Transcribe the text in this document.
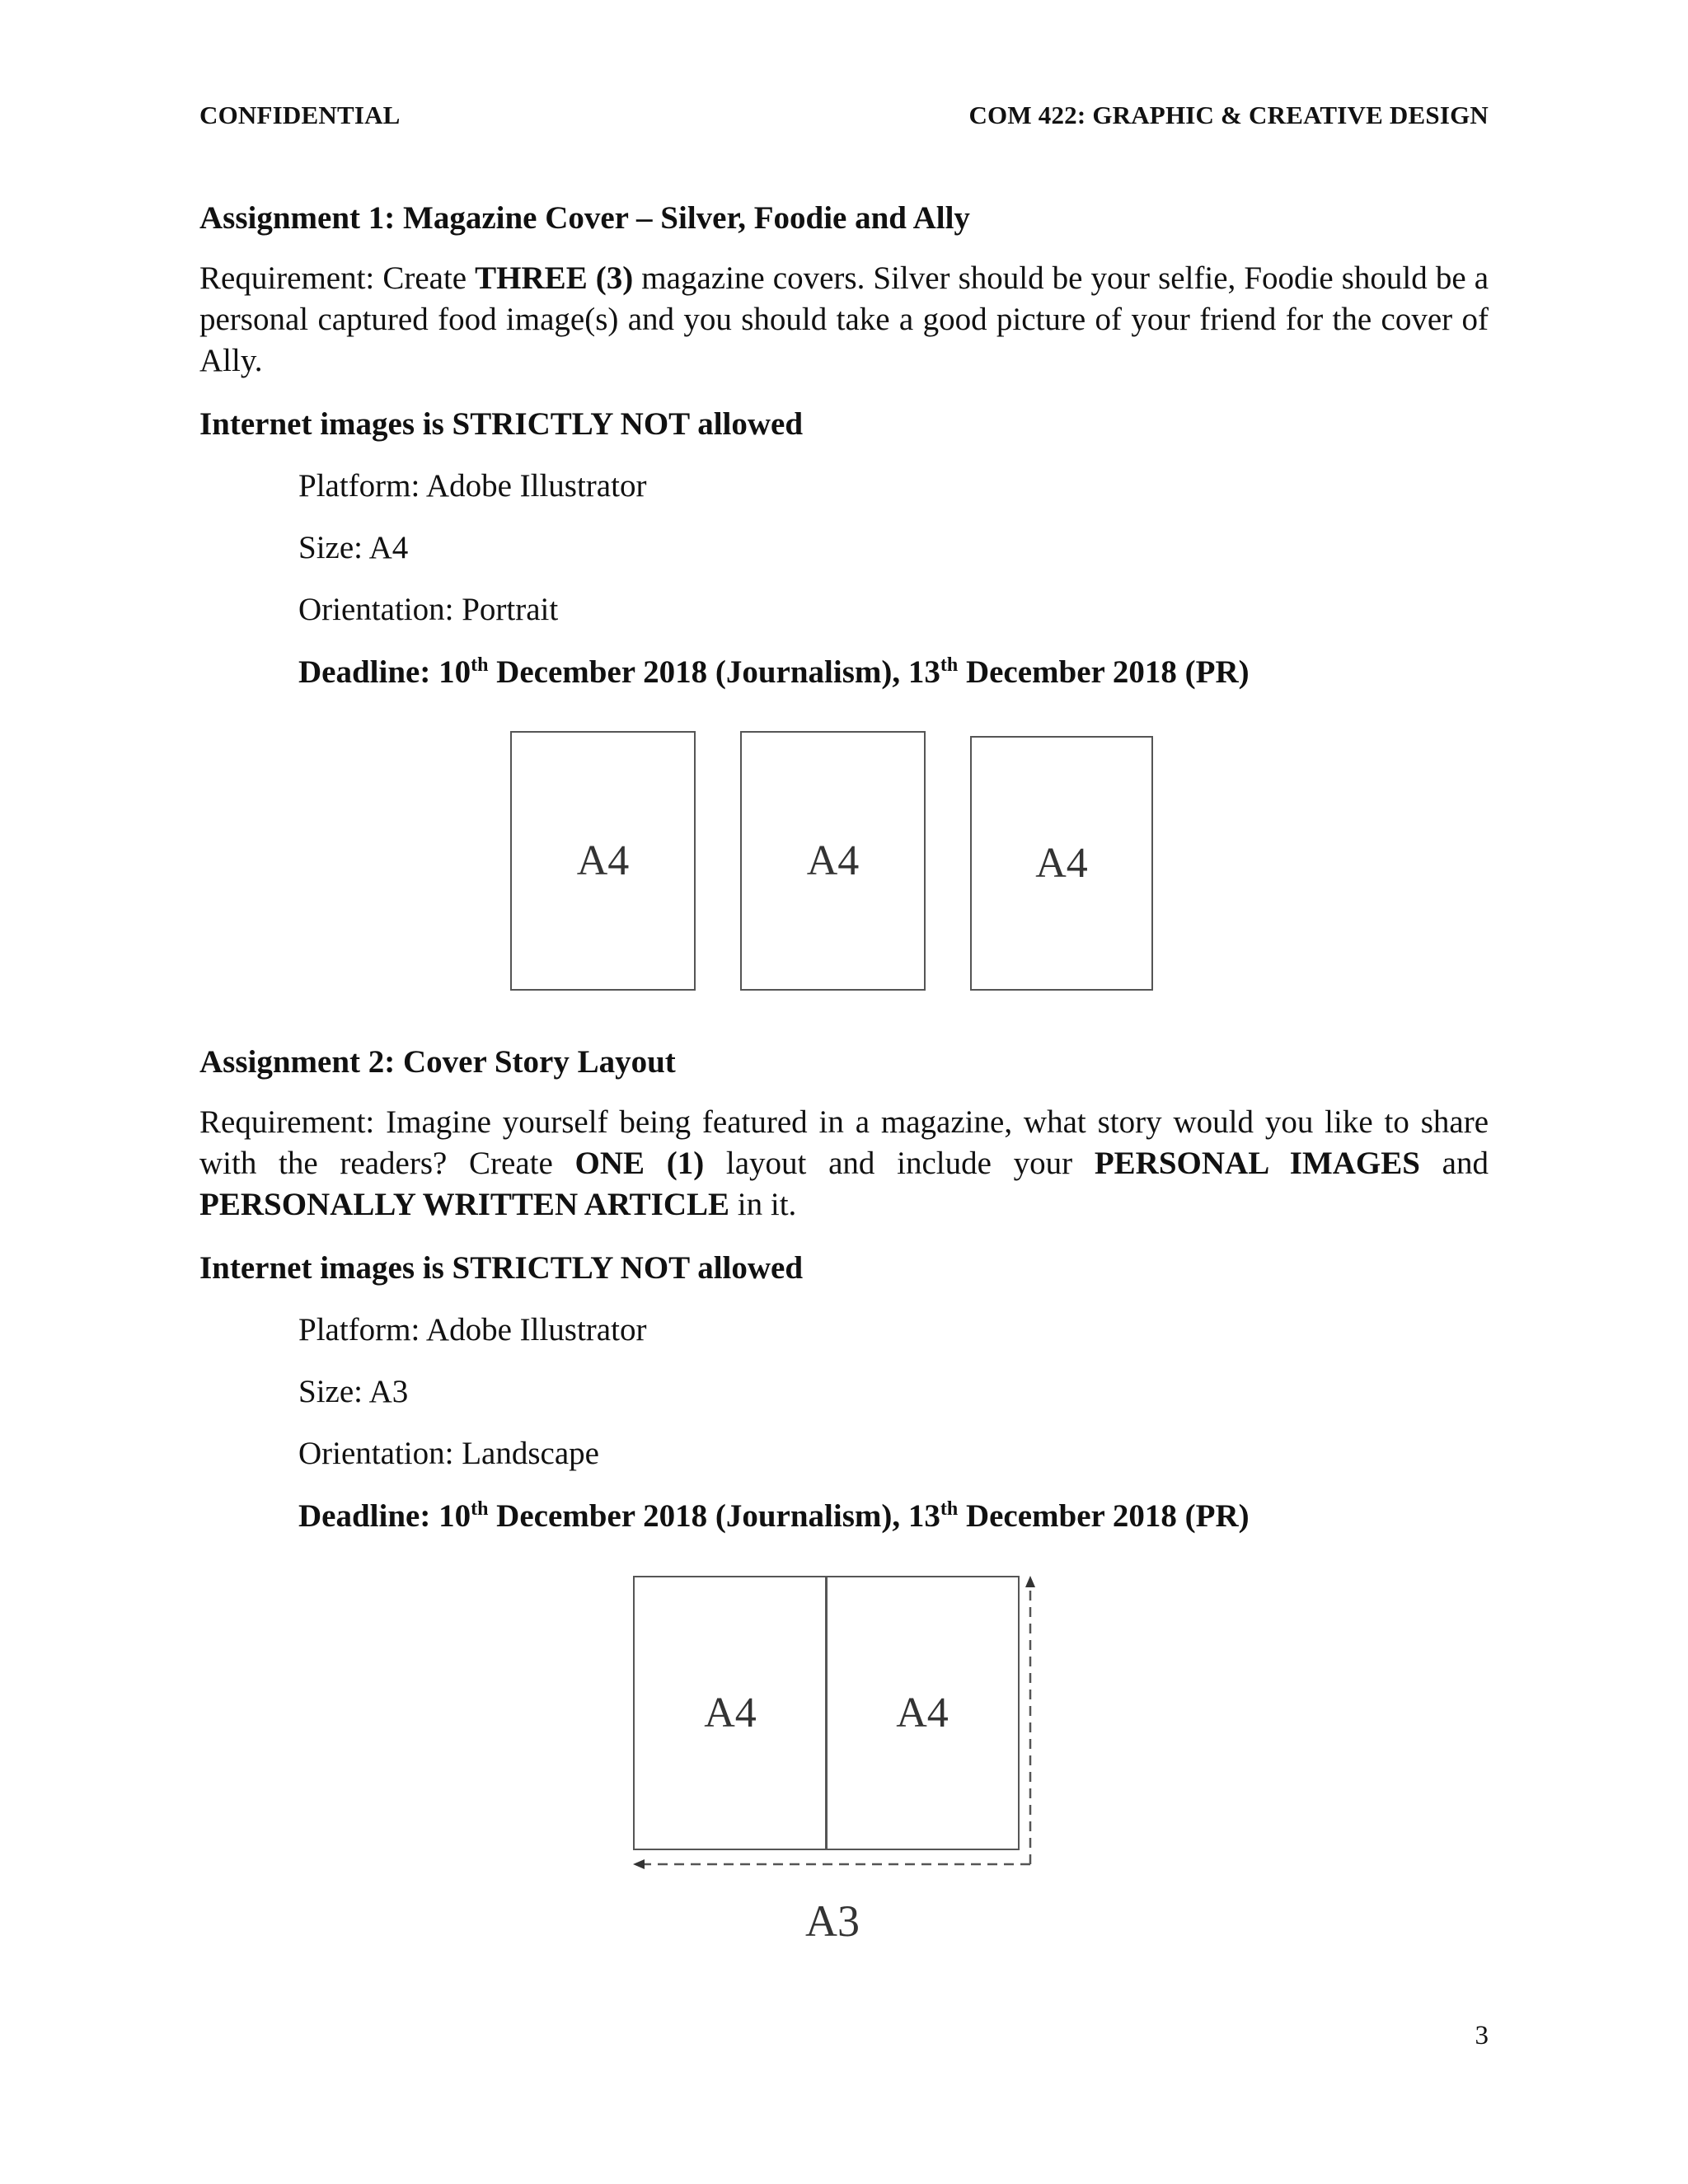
CONFIDENTIAL	COM 422: GRAPHIC & CREATIVE DESIGN
Assignment 1: Magazine Cover – Silver, Foodie and Ally
Requirement: Create THREE (3) magazine covers. Silver should be your selfie, Foodie should be a personal captured food image(s) and you should take a good picture of your friend for the cover of Ally.
Internet images is STRICTLY NOT allowed
Platform: Adobe Illustrator
Size: A4
Orientation: Portrait
Deadline: 10th December 2018 (Journalism), 13th December 2018 (PR)
A4	A4	A4
Assignment 2: Cover Story Layout
Requirement: Imagine yourself being featured in a magazine, what story would you like to share with the readers? Create ONE (1) layout and include your PERSONAL IMAGES and PERSONALLY WRITTEN ARTICLE in it.
Internet images is STRICTLY NOT allowed
Platform: Adobe Illustrator
Size: A3
Orientation: Landscape
Deadline: 10th December 2018 (Journalism), 13th December 2018 (PR)
A4	A4
A3
3
